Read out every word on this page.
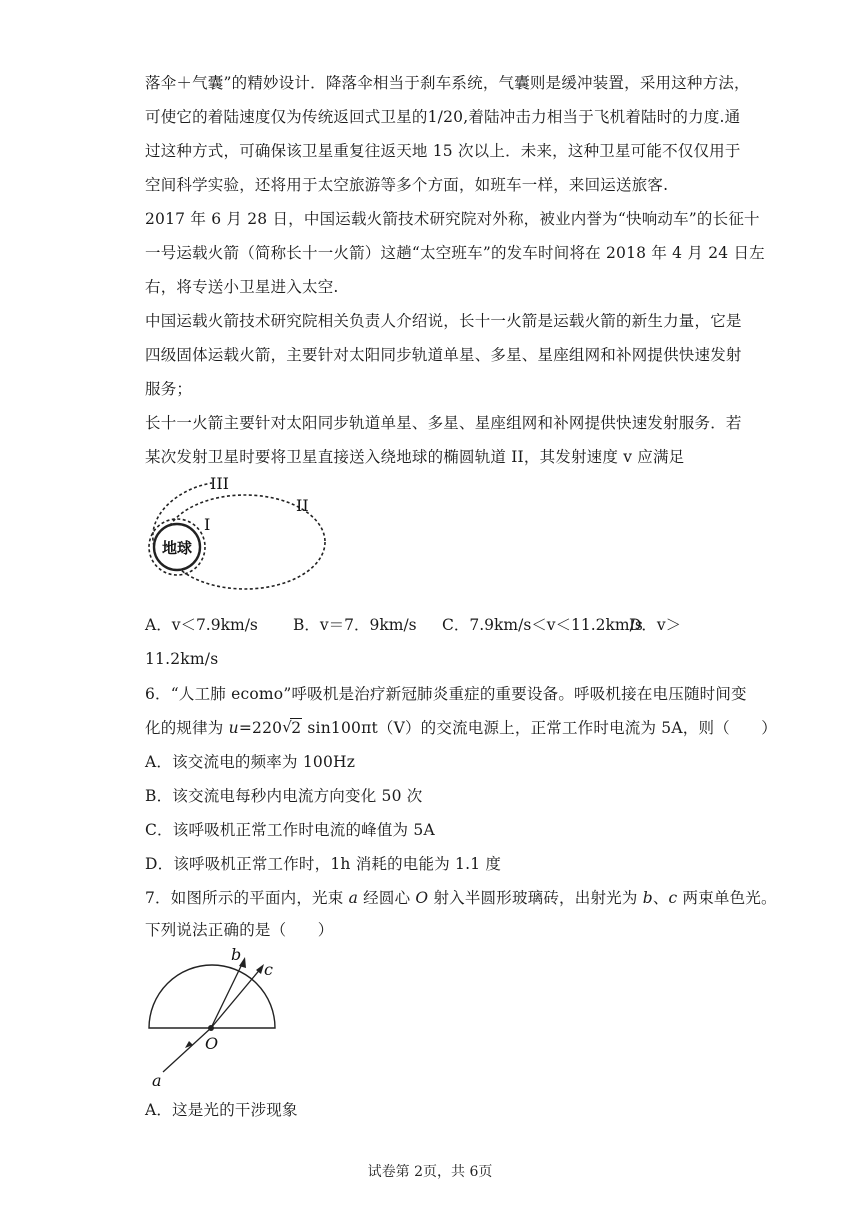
落伞＋气囊”的精妙设计．降落伞相当于刹车系统，气囊则是缓冲装置，采用这种方法，
可使它的着陆速度仅为传统返回式卫星的1/20,着陆冲击力相当于飞机着陆时的力度.通
过这种方式，可确保该卫星重复往返天地 15 次以上．未来，这种卫星可能不仅仅用于
空间科学实验，还将用于太空旅游等多个方面，如班车一样，来回运送旅客.
2017 年 6 月 28 日，中国运载火箭技术研究院对外称，被业内誉为“快响动车”的长征十
一号运载火箭（简称长十一火箭）这趟“太空班车”的发车时间将在 2018 年 4 月 24 日左
右，将专送小卫星进入太空.
中国运载火箭技术研究院相关负责人介绍说，长十一火箭是运载火箭的新生力量，它是
四级固体运载火箭，主要针对太阳同步轨道单星、多星、星座组网和补网提供快速发射
服务；
长十一火箭主要针对太阳同步轨道单星、多星、星座组网和补网提供快速发射服务．若
某次发射卫星时要将卫星直接送入绕地球的椭圆轨道 II，其发射速度 v 应满足
地球
I
II
III
A．v＜7.9km/s B．v＝7．9km/s C．7.9km/s＜v＜11.2km/s
D．v＞
11.2km/s
6．“人工肺 ecomo”呼吸机是治疗新冠肺炎重症的重要设备。呼吸机接在电压随时间变
化的规律为 u=220 √ 2 sin100πt（V）的交流电源上，正常工作时电流为 5A，则（　　）
A．该交流电的频率为 100Hz
B．该交流电每秒内电流方向变化 50 次
C．该呼吸机正常工作时电流的峰值为 5A
D．该呼吸机正常工作时，1h 消耗的电能为 1.1 度
7．如图所示的平面内，光束 a 经圆心 O 射入半圆形玻璃砖，出射光为 b、c 两束单色光。
下列说法正确的是（　　）
O
a
b
c
A．这是光的干涉现象
试卷第 2页，共 6页
